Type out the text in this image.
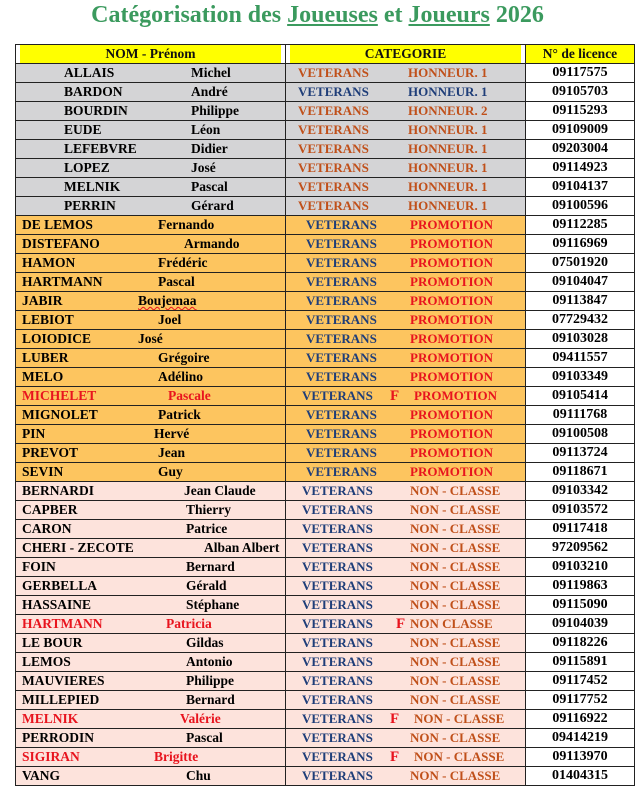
Catégorisation des Joueuses et Joueurs 2026
NOM - Prénom	CATEGORIE	N° de licence

ALLAIS Michel	VETERANS HONNEUR. 1	09117575

BARDON André	VETERANS HONNEUR. 1	09105703

BOURDIN Philippe	VETERANS HONNEUR. 2	09115293

EUDE Léon	VETERANS HONNEUR. 1	09109009

LEFEBVRE Didier	VETERANS HONNEUR. 1	09203004

LOPEZ José	VETERANS HONNEUR. 1	09114923

MELNIK Pascal	VETERANS HONNEUR. 1	09104137

PERRIN Gérard	VETERANS HONNEUR. 1	09100596

DE LEMOS Fernando	VETERANS PROMOTION	09112285

DISTEFANO Armando	VETERANS PROMOTION	09116969

HAMON Frédéric	VETERANS PROMOTION	07501920

HARTMANN Pascal	VETERANS PROMOTION	09104047

JABIR Boujemaa	VETERANS PROMOTION	09113847

LEBIOT Joel	VETERANS PROMOTION	07729432

LOIODICE José	VETERANS PROMOTION	09103028

LUBER Grégoire	VETERANS PROMOTION	09411557

MELO Adélino	VETERANS PROMOTION	09103349

MICHELET Pascale	VETERANS F PROMOTION	09105414

MIGNOLET Patrick	VETERANS PROMOTION	09111768

PIN Hervé	VETERANS PROMOTION	09100508

PREVOT Jean	VETERANS PROMOTION	09113724

SEVIN Guy	VETERANS PROMOTION	09118671

BERNARDI Jean Claude	VETERANS NON - CLASSE	09103342

CAPBER Thierry	VETERANS NON - CLASSE	09103572

CARON Patrice	VETERANS NON - CLASSE	09117418

CHERI - ZECOTE Alban Albert	VETERANS NON - CLASSE	97209562

FOIN Bernard	VETERANS NON - CLASSE	09103210

GERBELLA Gérald	VETERANS NON - CLASSE	09119863

HASSAINE Stéphane	VETERANS NON - CLASSE	09115090

HARTMANN Patricia	VETERANS F NON CLASSE	09104039

LE BOUR Gildas	VETERANS NON - CLASSE	09118226

LEMOS Antonio	VETERANS NON - CLASSE	09115891

MAUVIERES Philippe	VETERANS NON - CLASSE	09117452

MILLEPIED Bernard	VETERANS NON - CLASSE	09117752

MELNIK Valérie	VETERANS F NON - CLASSE	09116922

PERRODIN Pascal	VETERANS NON - CLASSE	09414219

SIGIRAN Brigitte	VETERANS F NON - CLASSE	09113970

VANG Chu	VETERANS NON - CLASSE	01404315
